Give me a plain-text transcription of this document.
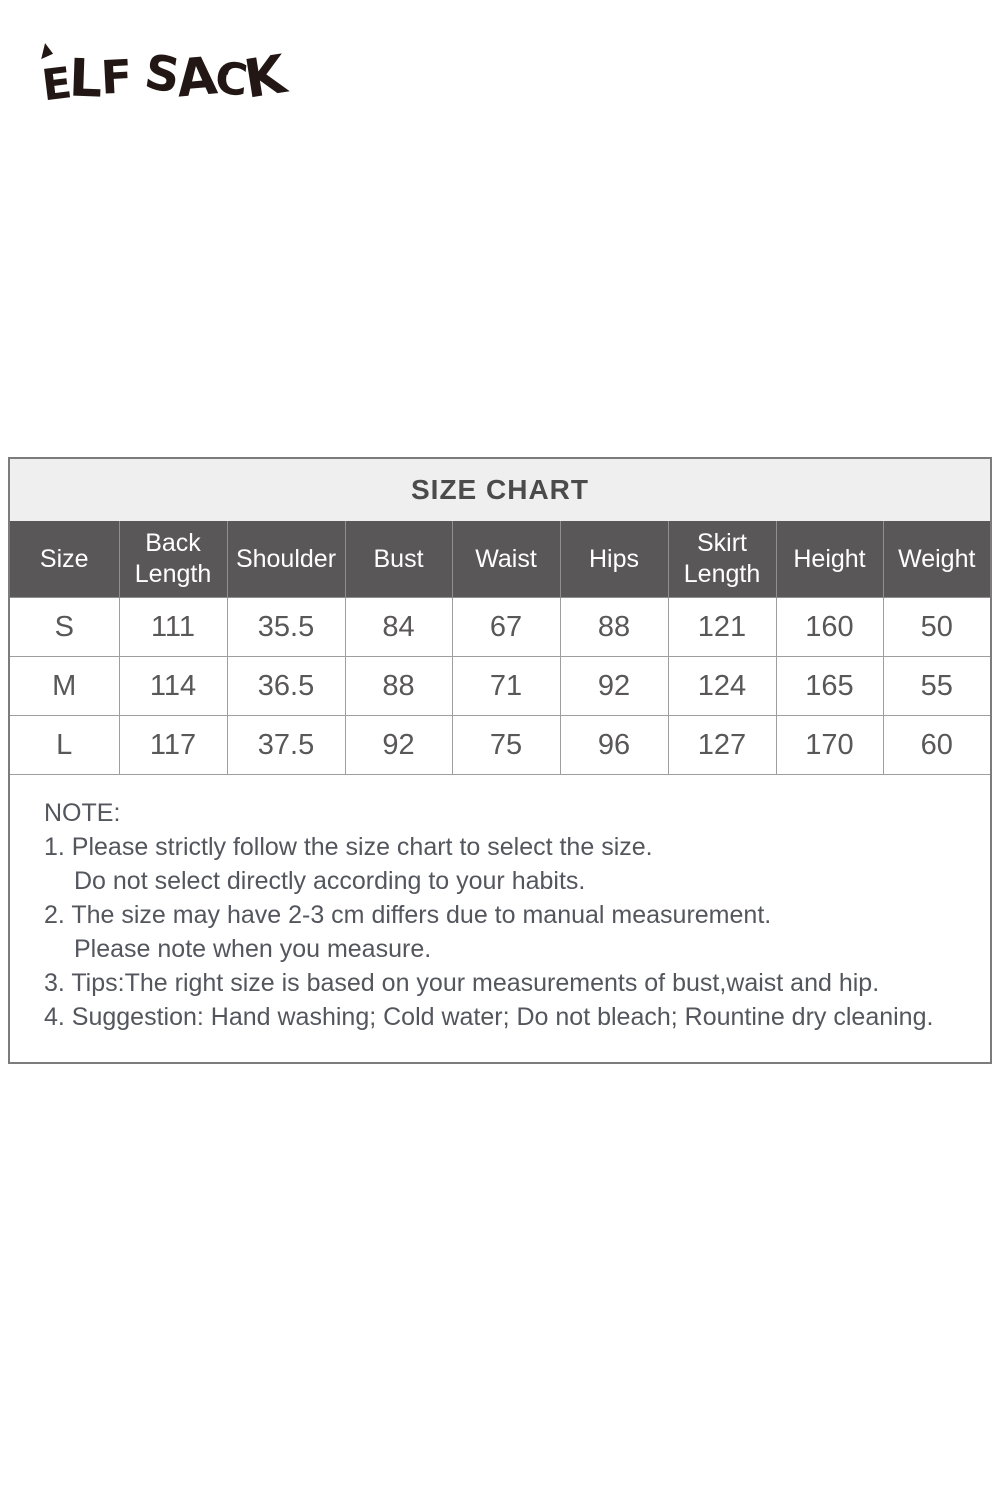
ELF SACK
SIZE CHART
Size	Back Length	Shoulder	Bust	Waist	Hips	Skirt Length	Height	Weight
S	111	35.5	84	67	88	121	160	50
M	114	36.5	88	71	92	124	165	55
L	117	37.5	92	75	96	127	170	60
NOTE:
1. Please strictly follow the size chart to select the size.
Do not select directly according to your habits.
2. The size may have 2-3 cm differs due to manual measurement.
Please note when you measure.
3. Tips:The right size is based on your measurements of bust,waist and hip.
4. Suggestion: Hand washing; Cold water; Do not bleach; Rountine dry cleaning.
